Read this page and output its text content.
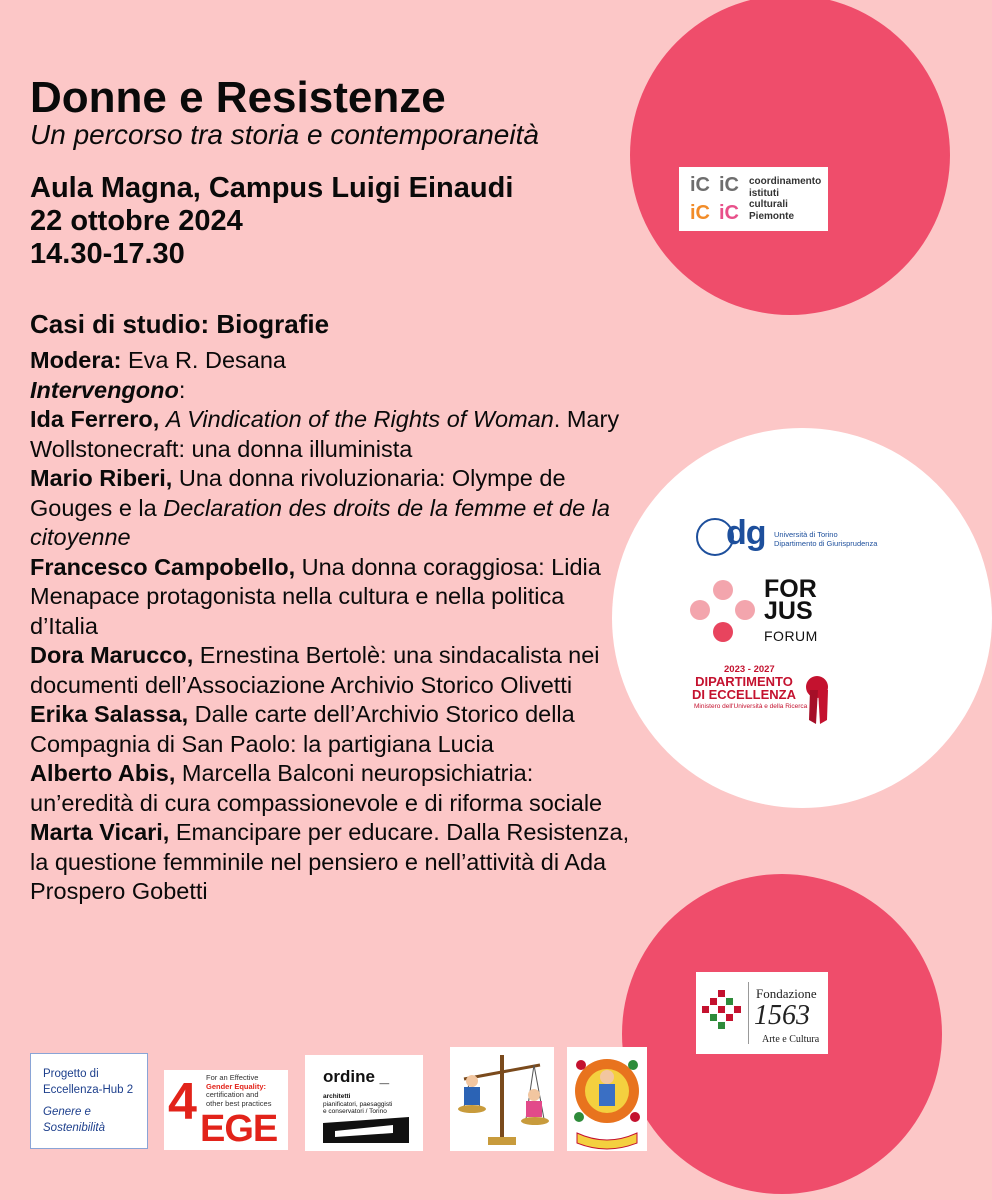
Donne e Resistenze
Un percorso tra storia e contemporaneità
Aula Magna, Campus Luigi Einaudi
22 ottobre 2024
14.30-17.30
Casi di studio: Biografie

Modera: Eva R. Desana

Intervengono:

Ida Ferrero, A Vindication of the Rights of Woman. Mary Wollstonecraft: una donna illuminista

Mario Riberi, Una donna rivoluzionaria: Olympe de Gouges e la Declaration des droits de la femme et de la citoyenne

Francesco Campobello, Una donna coraggiosa: Lidia Menapace protagonista nella cultura e nella politica d’Italia

Dora Marucco, Ernestina Bertolè: una sindacalista nei documenti dell’Associazione Archivio Storico Olivetti

Erika Salassa, Dalle carte dell’Archivio Storico della Compagnia di San Paolo: la partigiana Lucia

Alberto Abis, Marcella Balconi neuropsichiatria: un’eredità di cura compassionevole e di riforma sociale

Marta Vicari, Emancipare per educare. Dalla Resistenza, la questione femminile nel pensiero e nell’attività di Ada Prospero Gobetti

iC iC
iC iC
coordinamento
istituti
culturali
Piemonte
dg Università di Torino
Dipartimento di Giurisprudenza
FOR
JUS
FORUM
2023 - 2027
DIPARTIMENTO
DI ECCELLENZA
Ministero dell'Università e della Ricerca
Fondazione
1563
Arte e Cultura
Progetto di
Eccellenza-Hub 2
Genere e
Sostenibilità 4 For an Effective
Gender Equality:
certification and
other best practices
EGE
ordine _
architetti
pianificatori, paesaggisti
e conservatori / Torino
